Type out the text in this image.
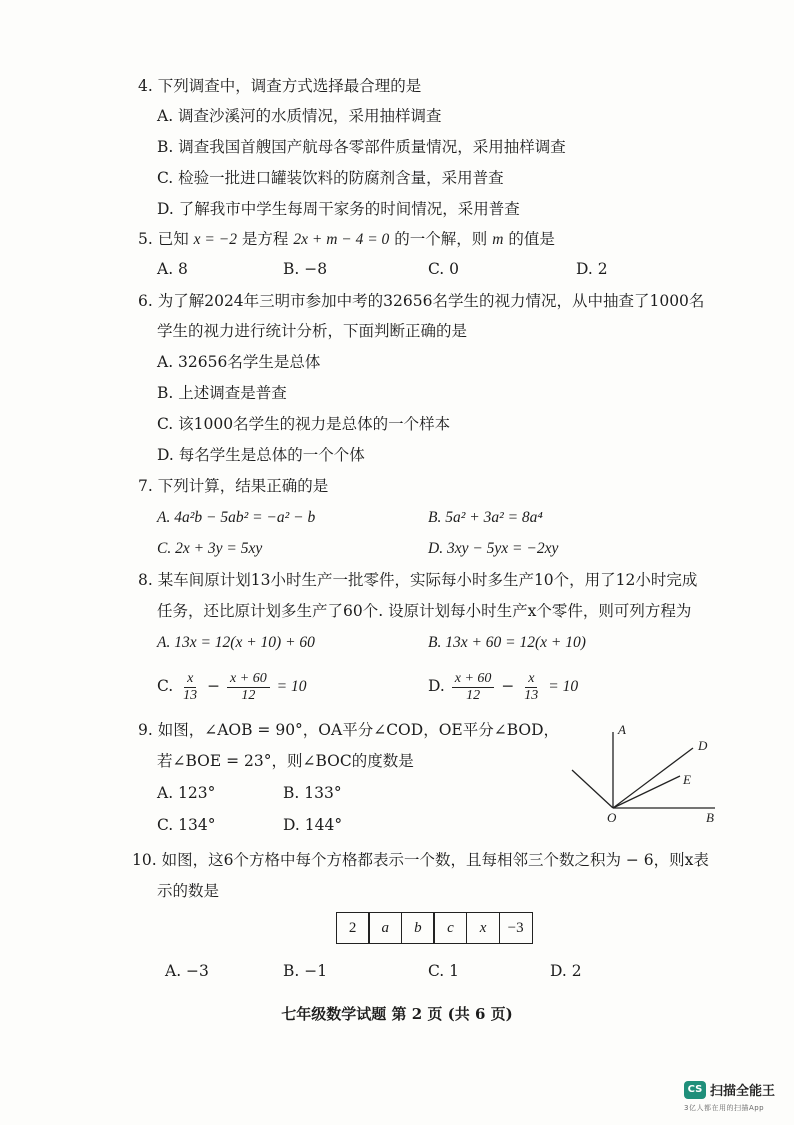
4. 下列调查中，调查方式选择最合理的是
A. 调查沙溪河的水质情况，采用抽样调查
B. 调查我国首艘国产航母各零部件质量情况，采用抽样调查
C. 检验一批进口罐装饮料的防腐剂含量，采用普查
D. 了解我市中学生每周干家务的时间情况，采用普查
5. 已知 x = −2 是方程 2x + m − 4 = 0 的一个解，则 m 的值是
A. 8	B. −8	C. 0	D. 2
6. 为了解2024年三明市参加中考的32656名学生的视力情况，从中抽查了1000名
学生的视力进行统计分析，下面判断正确的是
A. 32656名学生是总体
B. 上述调查是普查
C. 该1000名学生的视力是总体的一个样本
D. 每名学生是总体的一个个体
7. 下列计算，结果正确的是
A. 4a²b − 5ab² = −a² − b	B. 5a² + 3a² = 8a⁴
C. 2x + 3y = 5xy	D. 3xy − 5yx = −2xy
8. 某车间原计划13小时生产一批零件，实际每小时多生产10个，用了12小时完成
任务，还比原计划多生产了60个. 设原计划每小时生产x个零件，则可列方程为
A. 13x = 12(x + 10) + 60	B. 13x + 60 = 12(x + 10)
C. $\frac{x}{13} - \frac{x + 60}{12} = 10$	D. $\frac{x + 60}{12} - \frac{x}{13} = 10$
9. 如图，∠AOB = 90°，OA平分∠COD，OE平分∠BOD，
若∠BOE = 23°，则∠BOC的度数是
A. 123°	B. 133°
C. 134°	D. 144°
A
D
E
O	B
10. 如图，这6个方格中每个方格都表示一个数，且每相邻三个数之积为 − 6，则x表
示的数是
2	a	b	c	x	−3
A. −3	B. −1	C. 1	D. 2
七年级数学试题 第 2 页 (共 6 页)
CS 扫描全能王
3亿人都在用的扫描App
